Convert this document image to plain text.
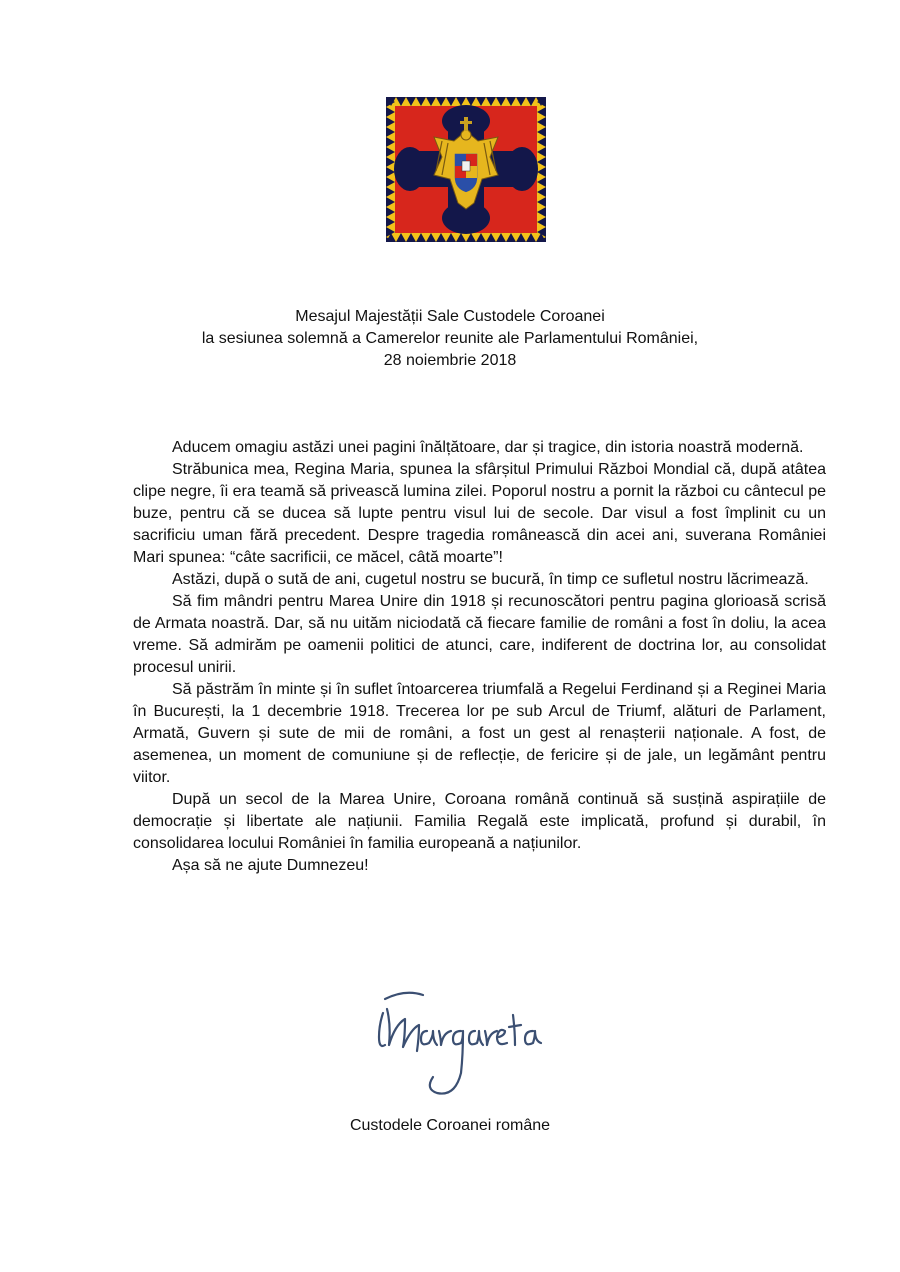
Mesajul Majestății Sale Custodele Coroanei
la sesiunea solemnă a Camerelor reunite ale Parlamentului României,
28 noiembrie 2018

Aducem omagiu astăzi unei pagini înălțătoare, dar și tragice, din istoria noastră modernă.

Străbunica mea, Regina Maria, spunea la sfârșitul Primului Război Mondial că, după atâtea clipe negre, îi era teamă să privească lumina zilei. Poporul nostru a pornit la război cu cântecul pe buze, pentru că se ducea să lupte pentru visul lui de secole. Dar visul a fost împlinit cu un sacrificiu uman fără precedent. Despre tragedia românească din acei ani, suverana României Mari spunea: “câte sacrificii, ce măcel, câtă moarte”!

Astăzi, după o sută de ani, cugetul nostru se bucură, în timp ce sufletul nostru lăcrimează.

Să fim mândri pentru Marea Unire din 1918 și recunoscători pentru pagina glorioasă scrisă de Armata noastră. Dar, să nu uităm niciodată că fiecare familie de români a fost în doliu, la acea vreme. Să admirăm pe oamenii politici de atunci, care, indiferent de doctrina lor, au consolidat procesul unirii.

Să păstrăm în minte și în suflet întoarcerea triumfală a Regelui Ferdinand și a Reginei Maria în București, la 1 decembrie 1918. Trecerea lor pe sub Arcul de Triumf, alături de Parlament, Armată, Guvern și sute de mii de români, a fost un gest al renașterii naționale. A fost, de asemenea, un moment de comuniune și de reflecție, de fericire și de jale, un legământ pentru viitor.

După un secol de la Marea Unire, Coroana română continuă să susțină aspirațiile de democrație și libertate ale națiunii. Familia Regală este implicată, profund și durabil, în consolidarea locului României în familia europeană a națiunilor.

Așa să ne ajute Dumnezeu!

Custodele Coroanei române
